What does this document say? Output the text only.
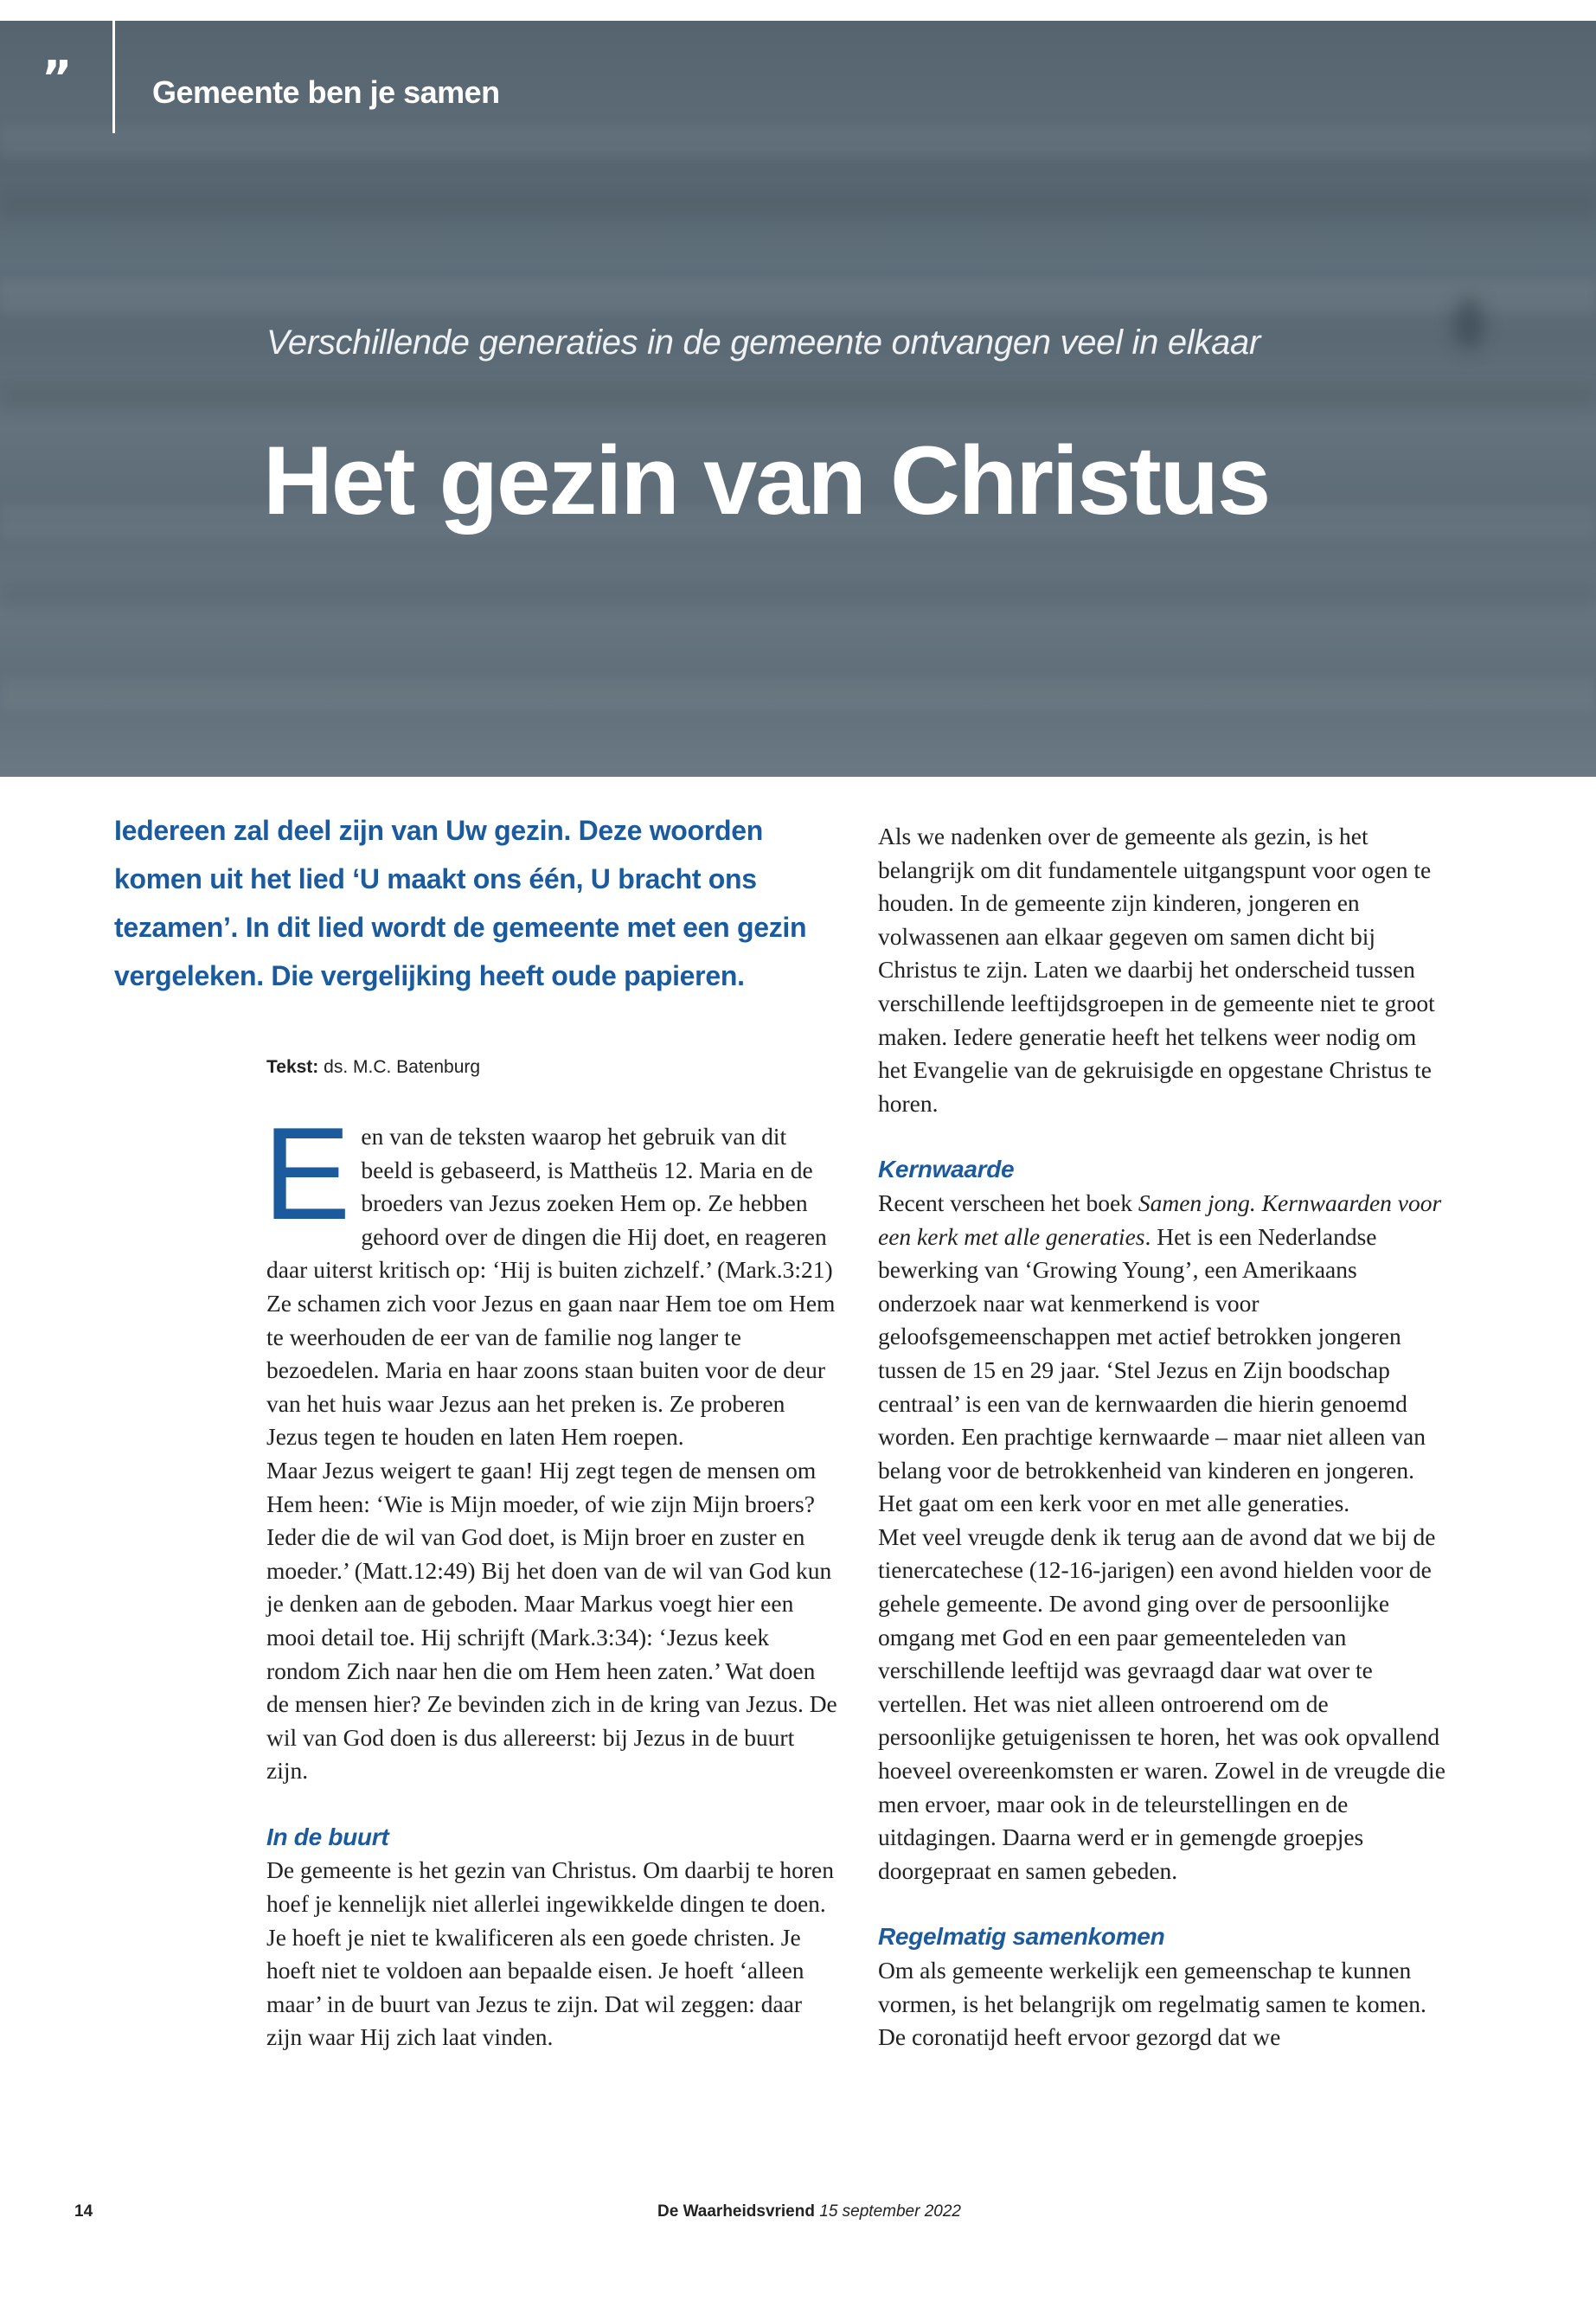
”	Gemeente ben je samen
Verschillende generaties in de gemeente ontvangen veel in elkaar
Het gezin van Christus
Iedereen zal deel zijn van Uw gezin. Deze woorden komen uit het lied ‘U maakt ons één, U bracht ons tezamen’. In dit lied wordt de gemeente met een gezin vergeleken. Die vergelijking heeft oude papieren.
Tekst: ds. M.C. Batenburg

Een van de teksten waarop het gebruik van dit beeld is gebaseerd, is Mattheüs 12. Maria en de broeders van Jezus zoeken Hem op. Ze hebben gehoord over de dingen die Hij doet, en reageren daar uiterst kritisch op: ‘Hij is buiten zichzelf.’ (Mark.3:21) Ze schamen zich voor Jezus en gaan naar Hem toe om Hem te weerhouden de eer van de familie nog langer te bezoedelen. Maria en haar zoons staan buiten voor de deur van het huis waar Jezus aan het preken is. Ze proberen Jezus tegen te houden en laten Hem roepen.

Maar Jezus weigert te gaan! Hij zegt tegen de mensen om Hem heen: ‘Wie is Mijn moeder, of wie zijn Mijn broers? Ieder die de wil van God doet, is Mijn broer en zuster en moeder.’ (Matt.12:49) Bij het doen van de wil van God kun je denken aan de geboden. Maar Markus voegt hier een mooi detail toe. Hij schrijft (Mark.3:34): ‘Jezus keek rondom Zich naar hen die om Hem heen zaten.’ Wat doen de mensen hier? Ze bevinden zich in de kring van Jezus. De wil van God doen is dus allereerst: bij Jezus in de buurt zijn.

In de buurt

De gemeente is het gezin van Christus. Om daarbij te horen hoef je kennelijk niet allerlei ingewikkelde dingen te doen. Je hoeft je niet te kwalificeren als een goede christen. Je hoeft niet te voldoen aan bepaalde eisen. Je hoeft ‘alleen maar’ in de buurt van Jezus te zijn. Dat wil zeggen: daar zijn waar Hij zich laat vinden.

Als we nadenken over de gemeente als gezin, is het belangrijk om dit fundamentele uitgangspunt voor ogen te houden. In de gemeente zijn kinderen, jongeren en volwassenen aan elkaar gegeven om samen dicht bij Christus te zijn. Laten we daarbij het onderscheid tussen verschillende leeftijdsgroepen in de gemeente niet te groot maken. Iedere generatie heeft het telkens weer nodig om het Evangelie van de gekruisigde en opgestane Christus te horen.

Kernwaarde

Recent verscheen het boek Samen jong. Kernwaarden voor een kerk met alle generaties. Het is een Nederlandse bewerking van ‘Growing Young’, een Amerikaans onderzoek naar wat kenmerkend is voor geloofsgemeenschappen met actief betrokken jongeren tussen de 15 en 29 jaar. ‘Stel Jezus en Zijn boodschap centraal’ is een van de kernwaarden die hierin genoemd worden. Een prachtige kernwaarde – maar niet alleen van belang voor de betrokkenheid van kinderen en jongeren. Het gaat om een kerk voor en met alle generaties.

Met veel vreugde denk ik terug aan de avond dat we bij de tienercatechese (12-16-jarigen) een avond hielden voor de gehele gemeente. De avond ging over de persoonlijke omgang met God en een paar gemeenteleden van verschillende leeftijd was gevraagd daar wat over te vertellen. Het was niet alleen ontroerend om de persoonlijke getuigenissen te horen, het was ook opvallend hoeveel overeenkomsten er waren. Zowel in de vreugde die men ervoer, maar ook in de teleurstellingen en de uitdagingen. Daarna werd er in gemengde groepjes doorgepraat en samen gebeden.

Regelmatig samenkomen

Om als gemeente werkelijk een gemeenschap te kunnen vormen, is het belangrijk om regelmatig samen te komen. De coronatijd heeft ervoor gezorgd dat we

14	De Waarheidsvriend 15 september 2022
